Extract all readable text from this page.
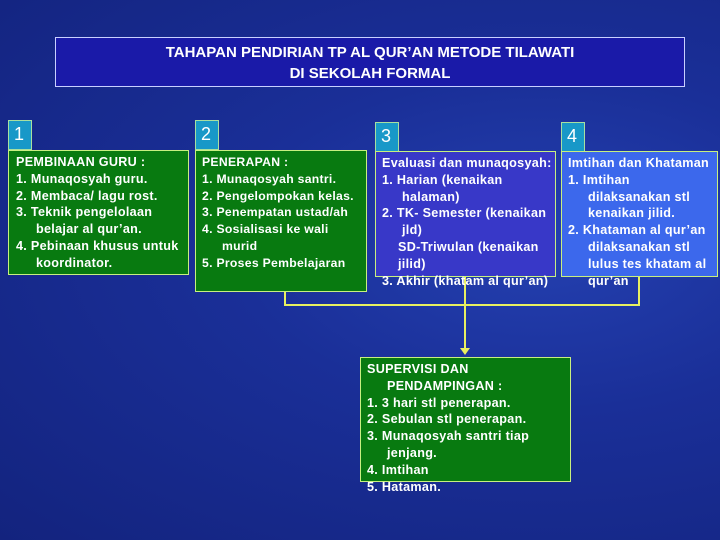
TAHAPAN PENDIRIAN TP AL QUR’AN METODE TILAWATI
DI SEKOLAH FORMAL
1
PEMBINAAN GURU :
1. Munaqosyah guru.
2. Membaca/ lagu rost.
3. Teknik pengelolaan belajar al qur’an.
4. Pebinaan khusus untuk koordinator.
2
PENERAPAN :
1. Munaqosyah santri.
2. Pengelompokan kelas.
3. Penempatan ustad/ah
4. Sosialisasi ke wali murid
5. Proses Pembelajaran
3
Evaluasi dan munaqosyah:
1. Harian (kenaikan halaman)
2. TK- Semester (kenaikan jld)
SD-Triwulan (kenaikan jilid)
3. Akhir (khatam al qur’an)
4
Imtihan dan Khataman
1. Imtihan dilaksanakan stl kenaikan jilid.
2. Khataman al qur’an dilaksanakan stl lulus tes khatam al qur’an
SUPERVISI DAN PENDAMPINGAN :
1. 3 hari stl penerapan.
2. Sebulan stl penerapan.
3. Munaqosyah santri tiap jenjang.
4. Imtihan
5. Hataman.
